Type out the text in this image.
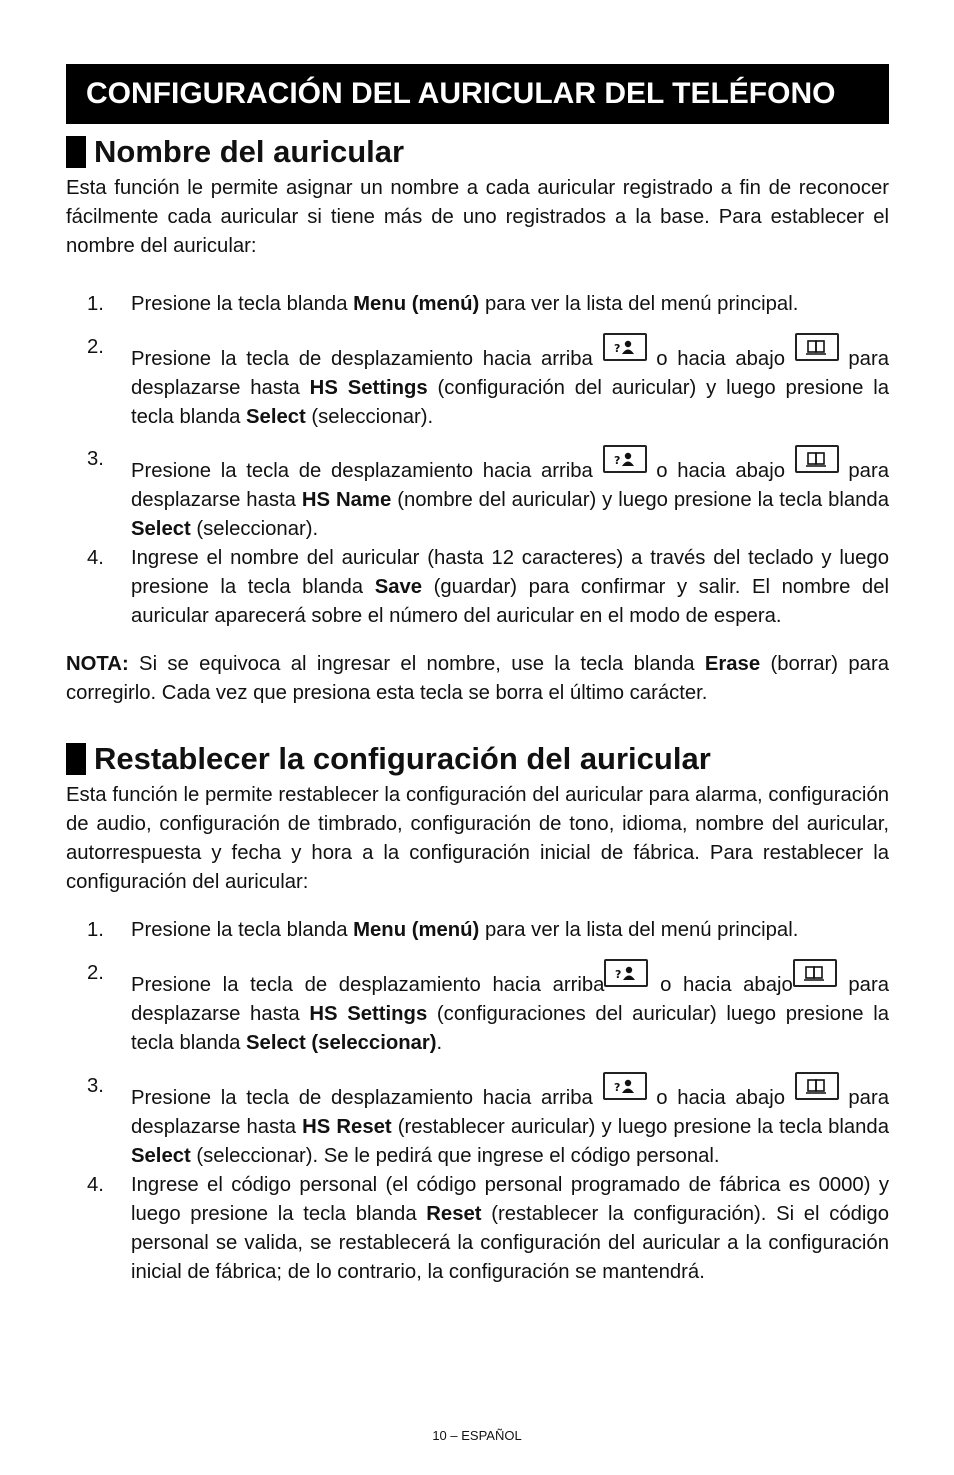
CONFIGURACIÓN DEL AURICULAR DEL TELÉFONO
Nombre del auricular

Esta función le permite asignar un nombre a cada auricular registrado a fin de reconocer fácilmente cada auricular si tiene más de uno registrados a la base. Para establecer el nombre del auricular:

1. Presione la tecla blanda Menu (menú) para ver la lista del menú principal.
2.
Presione la tecla de desplazamiento hacia arriba ? o hacia abajo
para desplazarse hasta HS Settings (configuración del auricular) y luego presione la tecla blanda Select (seleccionar).
3.
Presione la tecla de desplazamiento hacia arriba ? o hacia abajo
para desplazarse hasta HS Name (nombre del auricular) y luego presione la tecla blanda Select (seleccionar).
4. Ingrese el nombre del auricular (hasta 12 caracteres) a través del teclado y luego presione la tecla blanda Save (guardar) para confirmar y salir. El nombre del auricular aparecerá sobre el número del auricular en el modo de espera.

NOTA: Si se equivoca al ingresar el nombre, use la tecla blanda Erase (borrar) para corregirlo. Cada vez que presiona esta tecla se borra el último carácter.

Restablecer la configuración del auricular

Esta función le permite restablecer la configuración del auricular para alarma, configuración de audio, configuración de timbrado, configuración de tono, idioma, nombre del auricular, autorrespuesta y fecha y hora a la configuración inicial de fábrica. Para restablecer la configuración del auricular:

1. Presione la tecla blanda Menu (menú) para ver la lista del menú principal.
2.
Presione la tecla de desplazamiento hacia arriba ? o hacia abajo
para desplazarse hasta HS Settings (configuraciones del auricular) luego presione la tecla blanda Select (seleccionar).
3.
Presione la tecla de desplazamiento hacia arriba ? o hacia abajo
para desplazarse hasta HS Reset (restablecer auricular) y luego presione la tecla blanda Select (seleccionar). Se le pedirá que ingrese el código personal.
4. Ingrese el código personal (el código personal programado de fábrica es 0000) y luego presione la tecla blanda Reset (restablecer la configuración). Si el código personal se valida, se restablecerá la configuración del auricular a la configuración inicial de fábrica; de lo contrario, la configuración se mantendrá.
10 – ESPAÑOL
